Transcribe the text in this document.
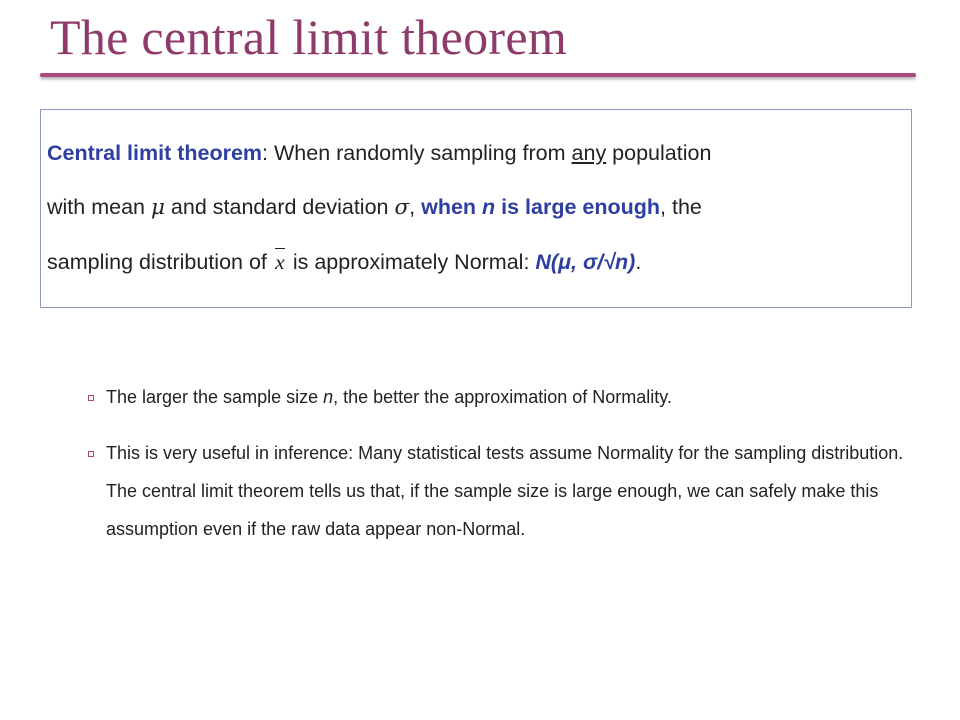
The central limit theorem

Central limit theorem: When randomly sampling from any population
with mean μ and standard deviation σ, when n is large enough, the
sampling distribution of x is approximately Normal: N(μ, σ/√n).

The larger the sample size n, the better the approximation of Normality.
This is very useful in inference: Many statistical tests assume Normality for the sampling distribution. The central limit theorem tells us that, if the sample size is large enough, we can safely make this assumption even if the raw data appear non-Normal.
